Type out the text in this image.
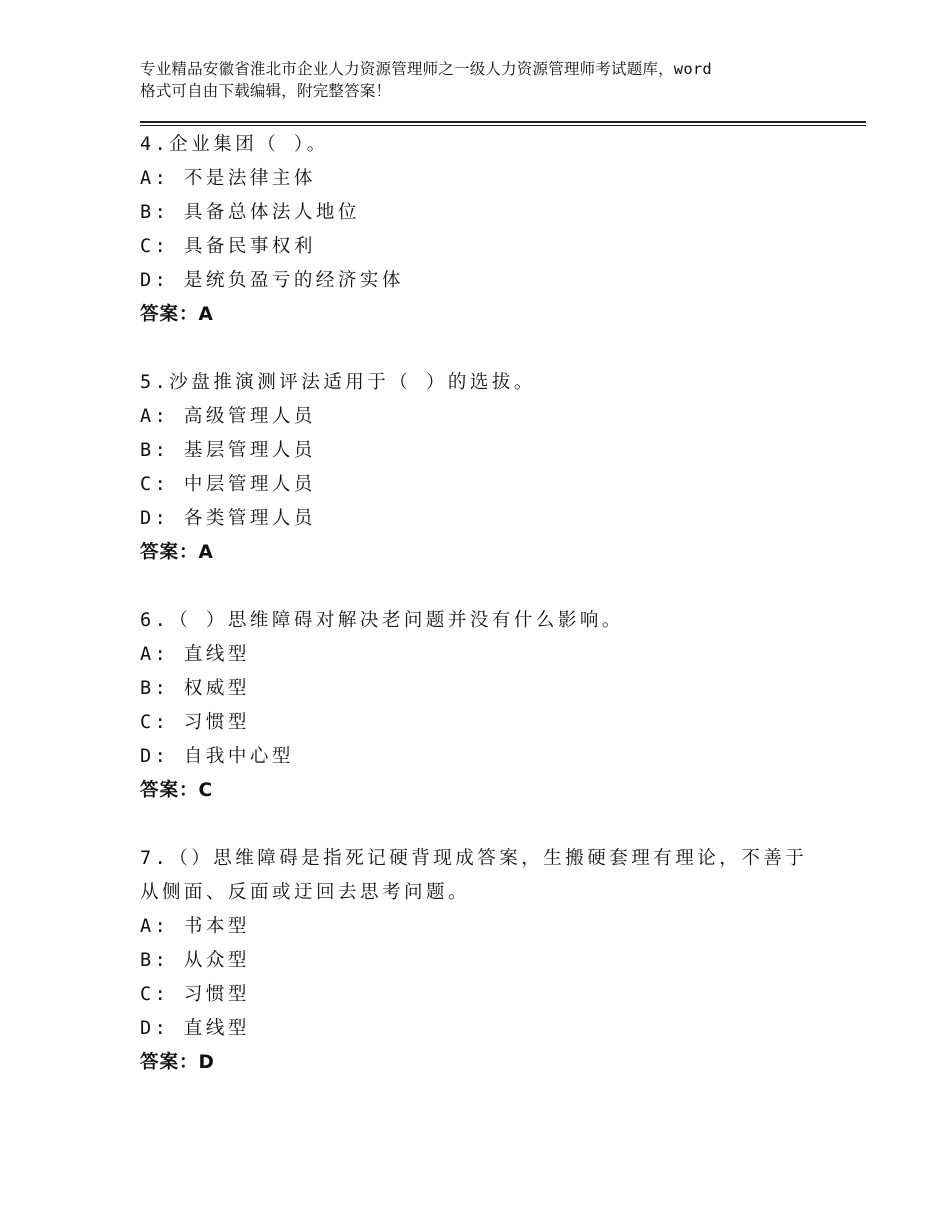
专业精品安徽省淮北市企业人力资源管理师之一级人力资源管理师考试题库，word
格式可自由下载编辑，附完整答案！

4.企业集团（ ）。

A: 不是法律主体

B: 具备总体法人地位

C: 具备民事权利

D: 是统负盈亏的经济实体

答案：A

5.沙盘推演测评法适用于（ ）的选拔。

A: 高级管理人员

B: 基层管理人员

C: 中层管理人员

D: 各类管理人员

答案：A

6.（ ）思维障碍对解决老问题并没有什么影响。

A: 直线型

B: 权威型

C: 习惯型

D: 自我中心型

答案：C

7.（）思维障碍是指死记硬背现成答案，生搬硬套理有理论，不善于

从侧面、反面或迂回去思考问题。

A: 书本型

B: 从众型

C: 习惯型

D: 直线型

答案：D
